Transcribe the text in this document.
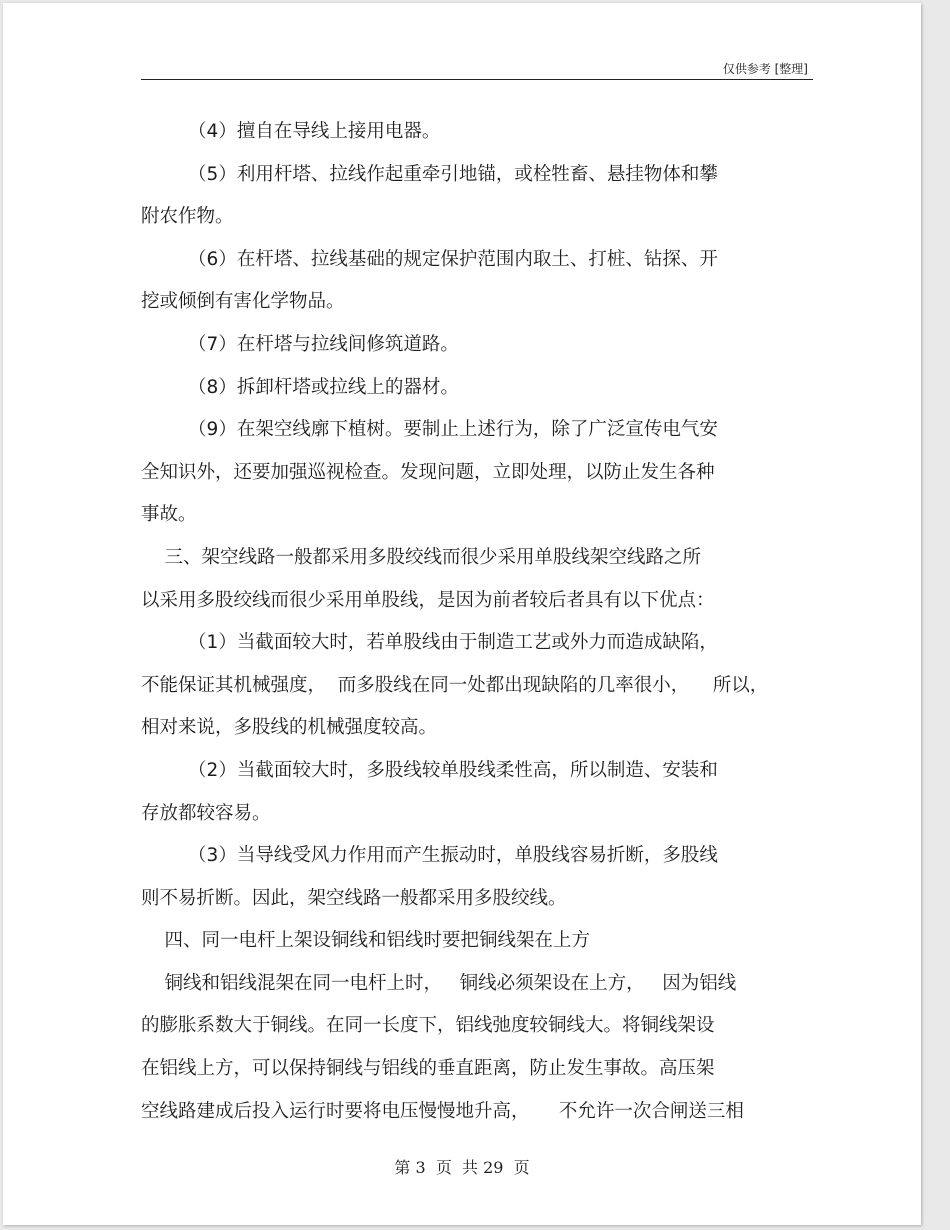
仅供参考 [整理]
（4）擅自在导线上接用电器。
（5）利用杆塔、拉线作起重牵引地锚，或栓牲畜、悬挂物体和攀
附农作物。
（6）在杆塔、拉线基础的规定保护范围内取土、打桩、钻探、开
挖或倾倒有害化学物品。
（7）在杆塔与拉线间修筑道路。
（8）拆卸杆塔或拉线上的器材。
（9）在架空线廓下植树。要制止上述行为，除了广泛宣传电气安
全知识外，还要加强巡视检查。发现问题，立即处理，以防止发生各种
事故。
三、架空线路一般都采用多股绞线而很少采用单股线架空线路之所
以采用多股绞线而很少采用单股线，是因为前者较后者具有以下优点：
（1）当截面较大时，若单股线由于制造工艺或外力而造成缺陷，
不能保证其机械强度，  而多股线在同一处都出现缺陷的几率很小，    所以，
相对来说，多股线的机械强度较高。
（2）当截面较大时，多股线较单股线柔性高，所以制造、安装和
存放都较容易。
（3）当导线受风力作用而产生振动时，单股线容易折断，多股线
则不易折断。因此，架空线路一般都采用多股绞线。
四、同一电杆上架设铜线和铝线时要把铜线架在上方
铜线和铝线混架在同一电杆上时，   铜线必须架设在上方，   因为铝线
的膨胀系数大于铜线。在同一长度下，铝线弛度较铜线大。将铜线架设
在铝线上方，可以保持铜线与铝线的垂直距离，防止发生事故。高压架
空线路建成后投入运行时要将电压慢慢地升高，     不允许一次合闸送三相
第 3  页  共 29  页
